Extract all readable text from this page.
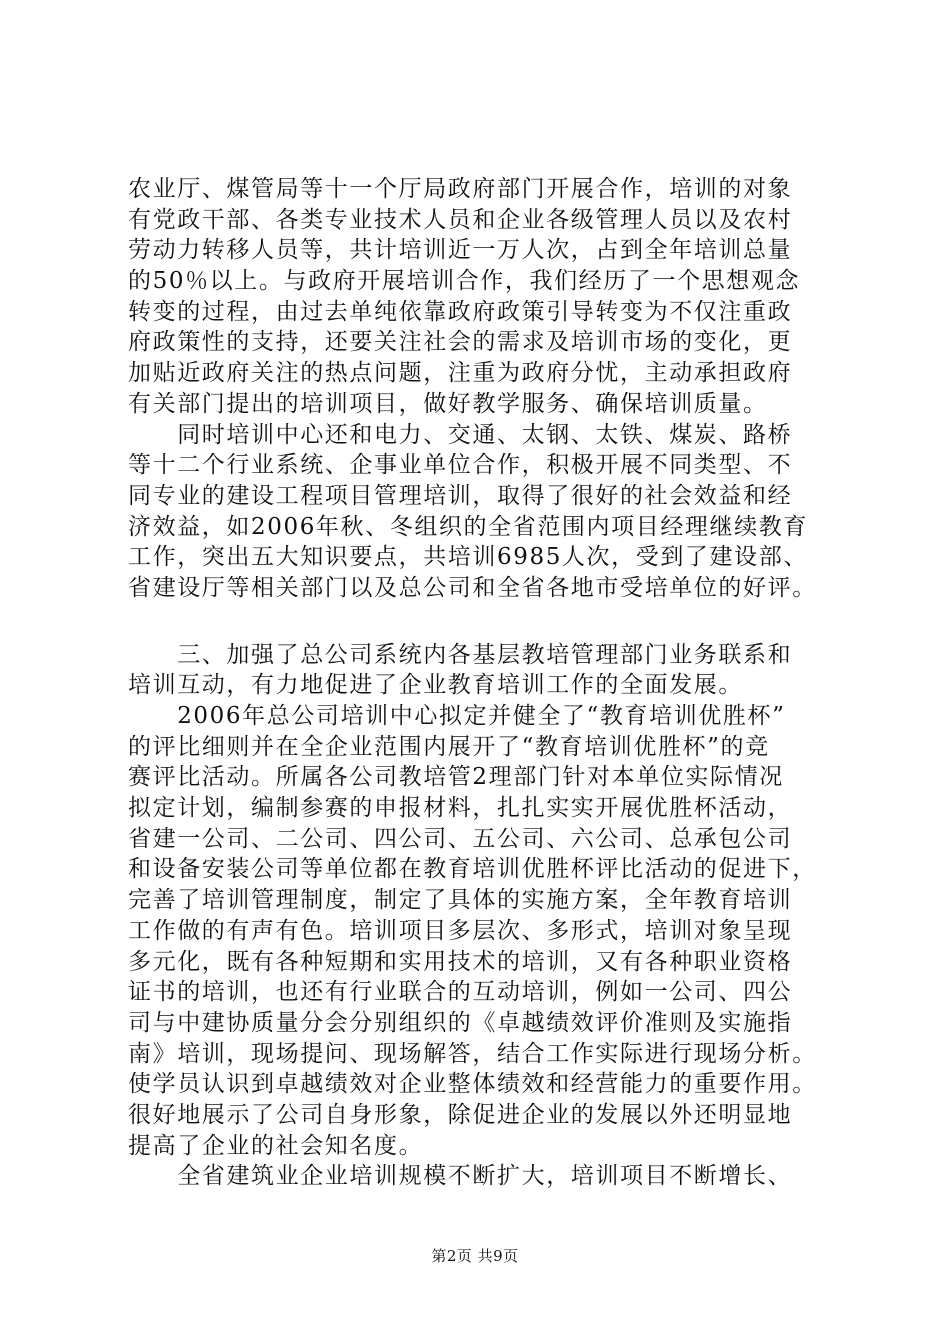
农业厅、煤管局等十一个厅局政府部门开展合作，培训的对象
有党政干部、各类专业技术人员和企业各级管理人员以及农村
劳动力转移人员等，共计培训近一万人次，占到全年培训总量
的50％以上。与政府开展培训合作，我们经历了一个思想观念
转变的过程，由过去单纯依靠政府政策引导转变为不仅注重政
府政策性的支持，还要关注社会的需求及培训市场的变化，更
加贴近政府关注的热点问题，注重为政府分忧，主动承担政府
有关部门提出的培训项目，做好教学服务、确保培训质量。

　　同时培训中心还和电力、交通、太钢、太铁、煤炭、路桥
等十二个行业系统、企事业单位合作，积极开展不同类型、不
同专业的建设工程项目管理培训，取得了很好的社会效益和经
济效益，如2006年秋、冬组织的全省范围内项目经理继续教育
工作，突出五大知识要点，共培训6985人次，受到了建设部、
省建设厅等相关部门以及总公司和全省各地市受培单位的好评。

　　三、加强了总公司系统内各基层教培管理部门业务联系和
培训互动，有力地促进了企业教育培训工作的全面发展。

　　2006年总公司培训中心拟定并健全了“教育培训优胜杯”
的评比细则并在全企业范围内展开了“教育培训优胜杯”的竞
赛评比活动。所属各公司教培管2理部门针对本单位实际情况
拟定计划，编制参赛的申报材料，扎扎实实开展优胜杯活动，
省建一公司、二公司、四公司、五公司、六公司、总承包公司
和设备安装公司等单位都在教育培训优胜杯评比活动的促进下，
完善了培训管理制度，制定了具体的实施方案，全年教育培训
工作做的有声有色。培训项目多层次、多形式，培训对象呈现
多元化，既有各种短期和实用技术的培训，又有各种职业资格
证书的培训，也还有行业联合的互动培训，例如一公司、四公
司与中建协质量分会分别组织的《卓越绩效评价准则及实施指
南》培训，现场提问、现场解答，结合工作实际进行现场分析。
使学员认识到卓越绩效对企业整体绩效和经营能力的重要作用。
很好地展示了公司自身形象，除促进企业的发展以外还明显地
提高了企业的社会知名度。

　　全省建筑业企业培训规模不断扩大，培训项目不断增长、

第2页 共9页
